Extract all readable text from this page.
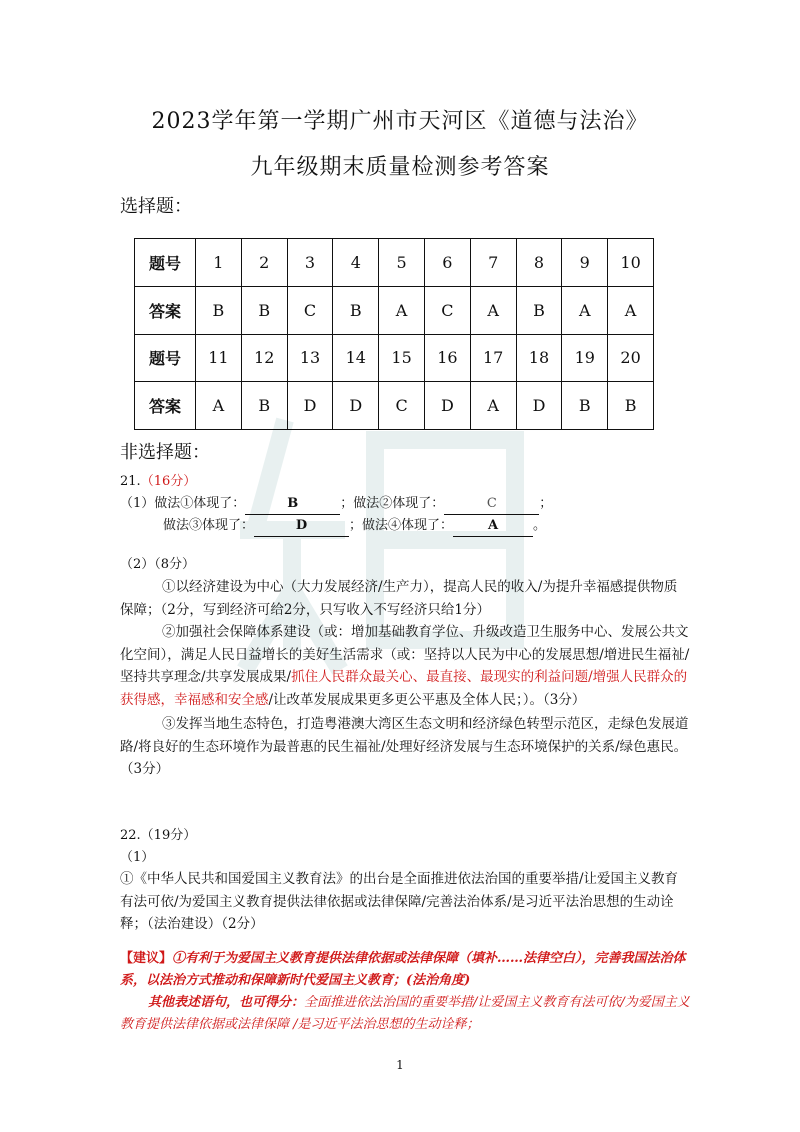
2023学年第一学期广州市天河区《道德与法治》
九年级期末质量检测参考答案
选择题：
题号	1	2	3	4	5	6	7	8	9	10
答案	B	B	C	B	A	C	A	B	A	A
题号	11	12	13	14	15	16	17	18	19	20
答案	A	B	D	D	C	D	A	D	B	B
非选择题：
21.（16分）
（1）做法①体现了：	B	；做法②体现了：	C	；
做法③体现了：	D	；做法④体现了：	A	。
（2）（8分）
①以经济建设为中心（大力发展经济/生产力），提高人民的收入/为提升幸福感提供物质保障；（2分，写到经济可给2分，只写收入不写经济只给1分）
②加强社会保障体系建设（或：增加基础教育学位、升级改造卫生服务中心、发展公共文化空间），满足人民日益增长的美好生活需求（或：坚持以人民为中心的发展思想/增进民生福祉/坚持共享理念/共享发展成果/抓住人民群众最关心、最直接、最现实的利益问题/增强人民群众的获得感，幸福感和安全感/让改革发展成果更多更公平惠及全体人民；）。（3分）
③发挥当地生态特色，打造粤港澳大湾区生态文明和经济绿色转型示范区，走绿色发展道路/将良好的生态环境作为最普惠的民生福祉/处理好经济发展与生态环境保护的关系/绿色惠民。（3分）
22.（19分）
（1）
①《中华人民共和国爱国主义教育法》的出台是全面推进依法治国的重要举措/让爱国主义教育有法可依/为爱国主义教育提供法律依据或法律保障/完善法治体系/是习近平法治思想的生动诠释；（法治建设）（2分）
【建议】①有利于为爱国主义教育提供法律依据或法律保障（填补……法律空白），完善我国法治体系，以法治方式推动和保障新时代爱国主义教育；(法治角度)
其他表述语句，也可得分：全面推进依法治国的重要举措/让爱国主义教育有法可依/为爱国主义教育提供法律依据或法律保障 /是习近平法治思想的生动诠释；
1
